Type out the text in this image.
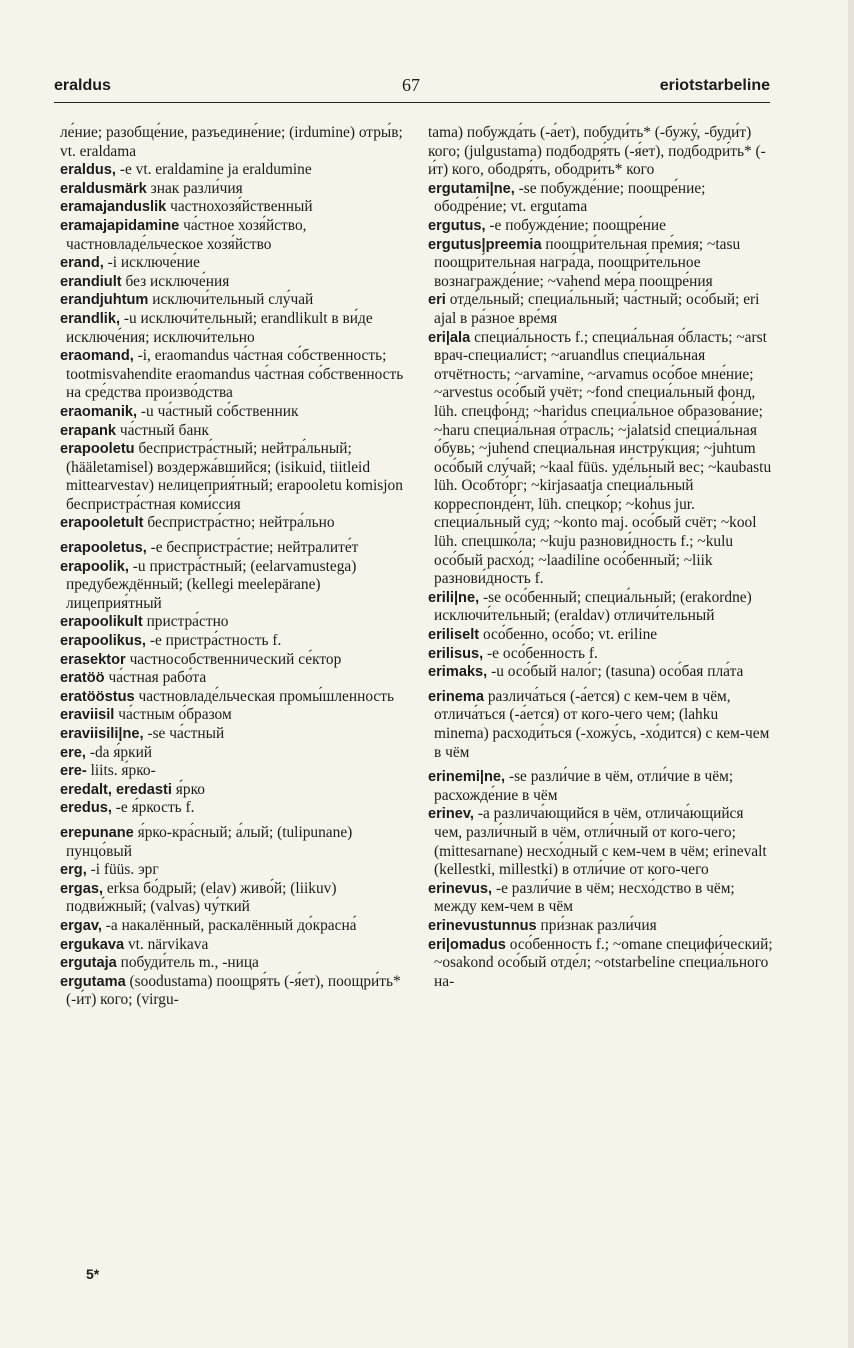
eraldus	67	eriotstarbeline

ле́ние; разобще́ние, разъедине́ние; (irdumine) отры́в; vt. eraldama

eraldus, -e vt. eraldamine ja eraldumine

eraldusmärk знак разли́чия

eramajanduslik частнохозя́йственный

eramajapidamine ча́стное хозя́йство, частновладе́льческое хозя́йство

erand, -i исключе́ние

erandiult без исключе́ния

erandjuhtum исключи́тельный слу́чай

erandlik, -u исключи́тельный; erandlikult в ви́де исключе́ния; исключи́тельно

eraomand, -i, eraomandus ча́стная со́бственность; tootmisvahendite eraomandus ча́стная со́бственность на сре́дства произво́дства

eraomanik, -u ча́стный со́бственник

erapank ча́стный банк

erapooletu беспристра́стный; нейтра́льный; (hääletamisel) воздержа́вшийся; (isikuid, tiitleid mittearvestav) нелицеприя́тный; erapooletu komisjon беспристра́стная коми́ссия

erapooletult беспристра́стно; нейтра́льно

erapooletus, -e беспристра́стие; нейтралите́т

erapoolik, -u пристра́стный; (eelarvamustega) предубеждённый; (kellegi meelepärane) лицеприя́тный

erapoolikult пристра́стно

erapoolikus, -e пристра́стность f.

erasektor частнособственнический се́ктор

eratöö ча́стная рабо́та

eratööstus частновладе́льческая промы́шленность

eraviisil ча́стным о́бразом

eraviisili|ne, -se ча́стный

ere, -da я́ркий

ere- liits. я́рко-

eredalt, eredasti я́рко

eredus, -e я́ркость f.

erepunane я́рко-кра́сный; а́лый; (tulipunane) пунцо́вый

erg, -i füüs. эрг

ergas, erksa бо́дрый; (elav) живо́й; (liikuv) подви́жный; (valvas) чу́ткий

ergav, -a накалённый, раскалённый до́красна́

ergukava vt. närvikava

ergutaja побуди́тель m., -ница

ergutama (soodustama) поощря́ть (-я́ет), поощри́ть* (-и́т) кого; (virgu-

tama) побужда́ть (-а́ет), побуди́ть* (-бужу́, -буди́т) кого; (julgustama) подбодря́ть (-я́ет), подбодри́ть* (-и́т) кого, ободря́ть, ободри́ть* кого

ergutami|ne, -se побужде́ние; поощре́ние; ободре́ние; vt. ergutama

ergutus, -e побужде́ние; поощре́ние

ergutus|preemia поощри́тельная пре́мия; ~tasu поощри́тельная награ́да, поощри́тельное вознагражде́ние; ~vahend ме́ра поощре́ния

eri отде́льный; специа́льный; ча́стный; осо́бый; eri ajal в ра́зное вре́мя

eri|ala специа́льность f.; специа́льная о́бласть; ~arst врач-специали́ст; ~aruandlus специа́льная отчётность; ~arvamine, ~arvamus осо́бое мне́ние; ~arvestus осо́бый учёт; ~fond специа́льный фонд, lüh. спецфо́нд; ~haridus специа́льное образова́ние; ~haru специа́льная о́трасль; ~jalatsid специа́льная о́бувь; ~juhend специа́льная инстру́кция; ~juhtum осо́бый слу́чай; ~kaal füüs. уде́льный вес; ~kaubastu lüh. Особто́рг; ~kirjasaatja специа́льный корреспонде́нт, lüh. спецко́р; ~kohus jur. специа́льный суд; ~konto maj. осо́бый счёт; ~kool lüh. спецшко́ла; ~kuju разнови́дность f.; ~kulu осо́бый расхо́д; ~laadiline осо́бенный; ~liik разнови́дность f.

erili|ne, -se осо́бенный; специа́льный; (erakordne) исключи́тельный; (eraldav) отличи́тельный

eriliselt осо́бенно, осо́бо; vt. eriline

erilisus, -e осо́бенность f.

erimaks, -u осо́бый нало́г; (tasuna) осо́бая пла́та

erinema различа́ться (-а́ется) с кем-чем в чём, отлича́ться (-а́ется) от кого-чего чем; (lahku minema) расходи́ться (-хожу́сь, -хо́дится) с кем-чем в чём

erinemi|ne, -se разли́чие в чём, отли́чие в чём; расхожде́ние в чём

erinev, -a различа́ющийся в чём, отлича́ющийся чем, разли́чный в чём, отли́чный от кого-чего; (mittesarnane) несхо́дный с кем-чем в чём; erinevalt (kellestki, millestki) в отли́чие от кого-чего

erinevus, -e разли́чие в чём; несхо́дство в чём; между кем-чем в чём

erinevustunnus при́знак разли́чия

eri|omadus осо́бенность f.; ~omane специфи́ческий; ~osakond осо́бый отде́л; ~otstarbeline специа́льного на-

5*
